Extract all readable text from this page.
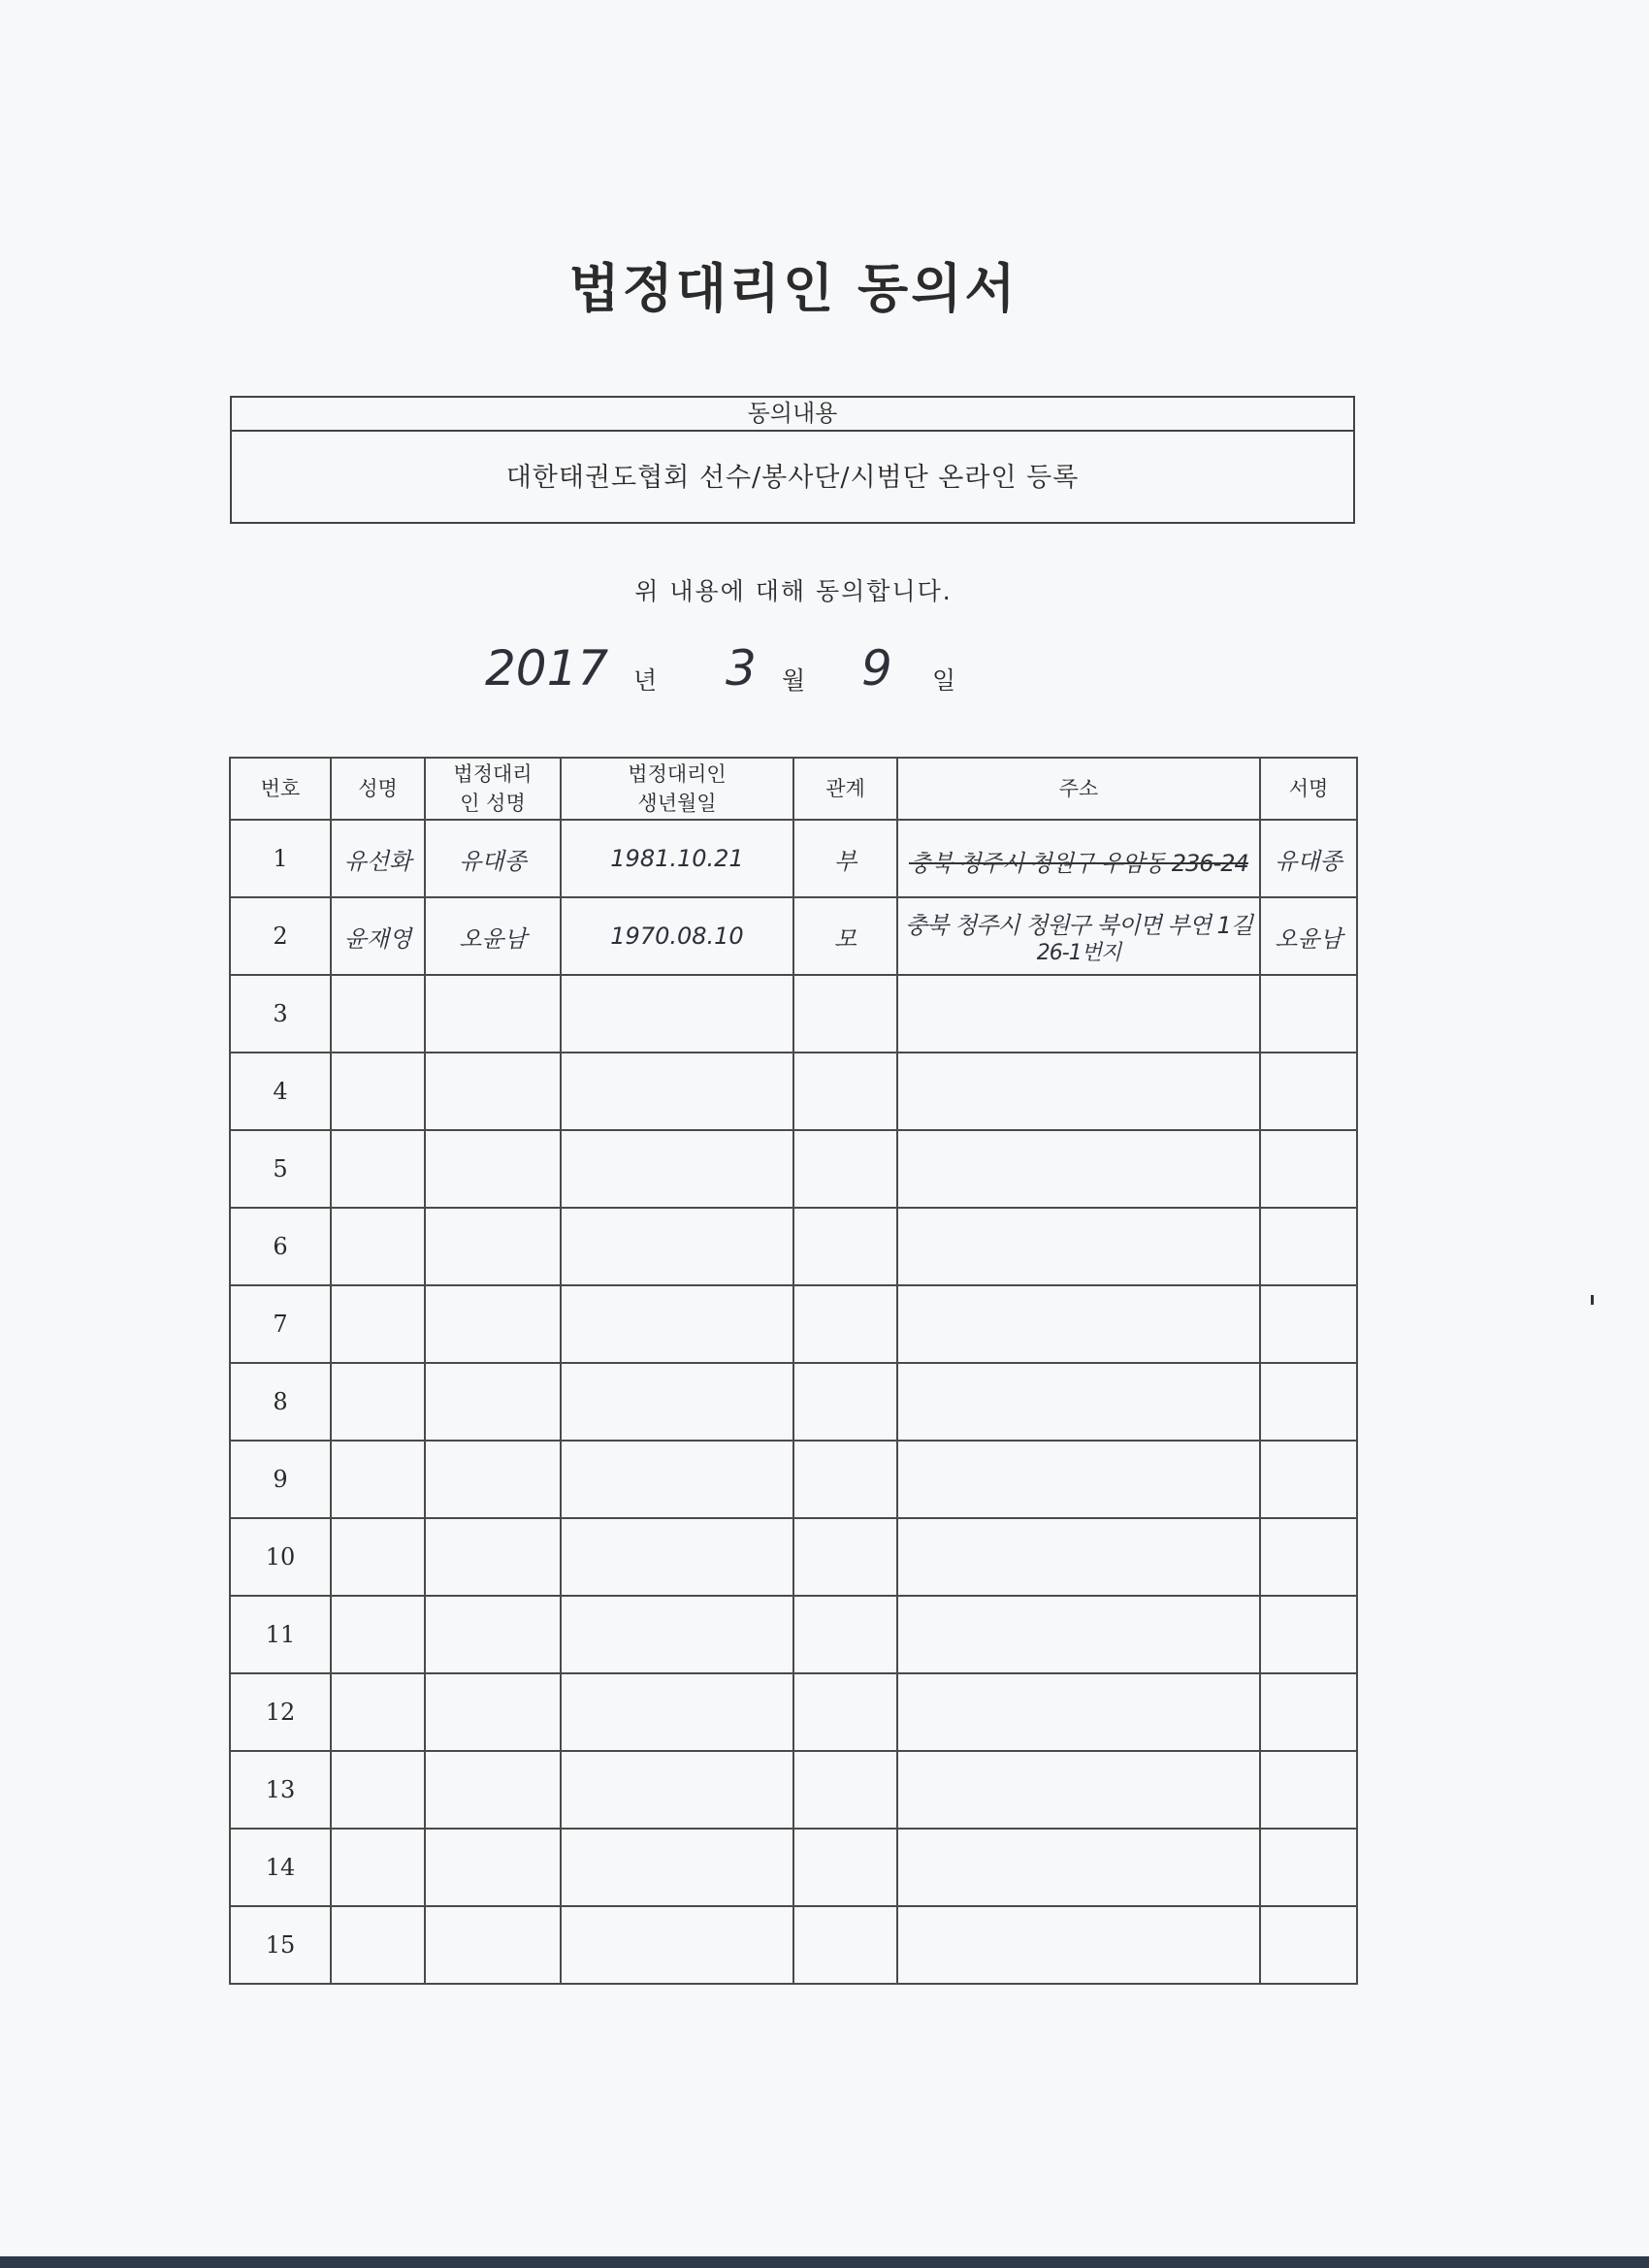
법정대리인 동의서
동의내용
대한태권도협회 선수/봉사단/시범단 온라인 등록
위 내용에 대해 동의합니다.
2017 년 3 월 9 일
번호	성명	법정대리인 성명	법정대리인 생년월일	관계	주소	서명
1	유선화	유대종	1981.10.21	부	충북 청주시 청원구 우암동 236-24	유대종
2	윤재영	오윤남	1970.08.10	모	충북 청주시 청원구 북이면 부연 1길
26-1번지	오윤남
3					

4					

5					

6					

7					

8					

9					

10					

11					

12					

13					

14					

15					
